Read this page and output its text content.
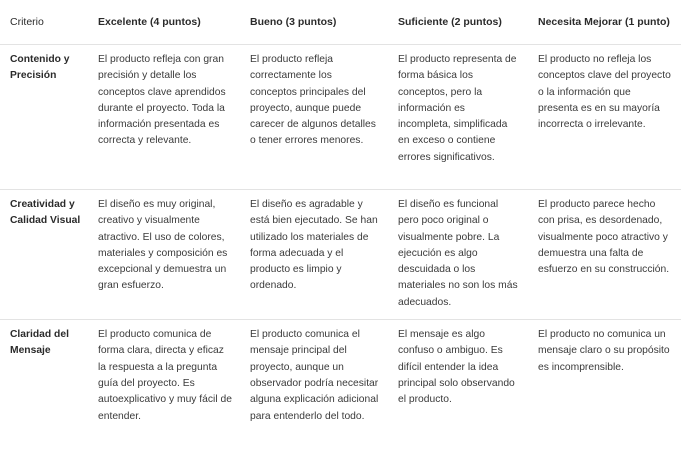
Criterio	Excelente (4 puntos)	Bueno (3 puntos)	Suficiente (2 puntos)	Necesita Mejorar (1 punto)
Contenido y Precisión	El producto refleja con gran precisión y detalle los conceptos clave aprendidos durante el proyecto. Toda la información presentada es correcta y relevante.	El producto refleja correctamente los conceptos principales del proyecto, aunque puede carecer de algunos detalles o tener errores menores.	El producto representa de forma básica los conceptos, pero la información es incompleta, simplificada en exceso o contiene errores significativos.	El producto no refleja los conceptos clave del proyecto o la información que presenta es en su mayoría incorrecta o irrelevante.
Creatividad y Calidad Visual	El diseño es muy original, creativo y visualmente atractivo. El uso de colores, materiales y composición es excepcional y demuestra un gran esfuerzo.	El diseño es agradable y está bien ejecutado. Se han utilizado los materiales de forma adecuada y el producto es limpio y ordenado.	El diseño es funcional pero poco original o visualmente pobre. La ejecución es algo descuidada o los materiales no son los más adecuados.	El producto parece hecho con prisa, es desordenado, visualmente poco atractivo y demuestra una falta de esfuerzo en su construcción.
Claridad del Mensaje	El producto comunica de forma clara, directa y eficaz la respuesta a la pregunta guía del proyecto. Es autoexplicativo y muy fácil de entender.	El producto comunica el mensaje principal del proyecto, aunque un observador podría necesitar alguna explicación adicional para entenderlo del todo.	El mensaje es algo confuso o ambiguo. Es difícil entender la idea principal solo observando el producto.	El producto no comunica un mensaje claro o su propósito es incomprensible.
